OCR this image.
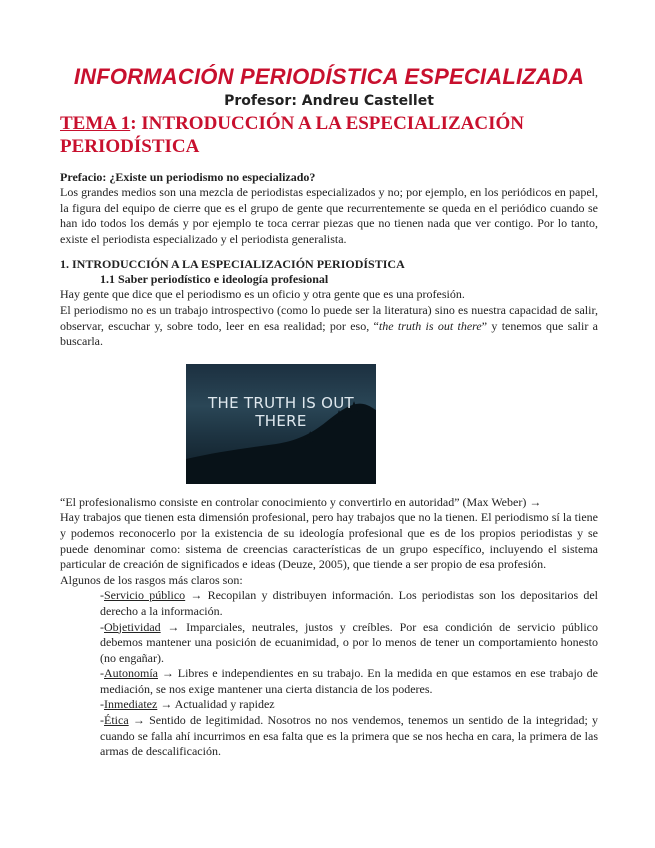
INFORMACIÓN PERIODÍSTICA ESPECIALIZADA
Profesor: Andreu Castellet
TEMA 1: INTRODUCCIÓN A LA ESPECIALIZACIÓN PERIODÍSTICA
Prefacio: ¿Existe un periodismo no especializado?

Los grandes medios son una mezcla de periodistas especializados y no; por ejemplo, en los periódicos en papel, la figura del equipo de cierre que es el grupo de gente que recurrentemente se queda en el periódico cuando se han ido todos los demás y por ejemplo te toca cerrar piezas que no tienen nada que ver contigo. Por lo tanto, existe el periodista especializado y el periodista generalista.

1. INTRODUCCIÓN A LA ESPECIALIZACIÓN PERIODÍSTICA
1.1 Saber periodístico e ideología profesional

Hay gente que dice que el periodismo es un oficio y otra gente que es una profesión.

El periodismo no es un trabajo introspectivo (como lo puede ser la literatura) sino es nuestra capacidad de salir, observar, escuchar y, sobre todo, leer en esa realidad; por eso, “the truth is out there” y tenemos que salir a buscarla.

THE TRUTH IS OUT THERE

“El profesionalismo consiste en controlar conocimiento y convertirlo en autoridad” (Max Weber) →

Hay trabajos que tienen esta dimensión profesional, pero hay trabajos que no la tienen. El periodismo sí la tiene y podemos reconocerlo por la existencia de su ideología profesional que es de los propios periodistas y se puede denominar como: sistema de creencias características de un grupo específico, incluyendo el sistema particular de creación de significados e ideas (Deuze, 2005), que tiende a ser propio de esa profesión.

Algunos de los rasgos más claros son:

-Servicio público → Recopilan y distribuyen información. Los periodistas son los depositarios del derecho a la información.

-Objetividad → Imparciales, neutrales, justos y creíbles. Por esa condición de servicio público debemos mantener una posición de ecuanimidad, o por lo menos de tener un comportamiento honesto (no engañar).

-Autonomía → Libres e independientes en su trabajo. En la medida en que estamos en ese trabajo de mediación, se nos exige mantener una cierta distancia de los poderes.

-Inmediatez → Actualidad y rapidez

-Ética → Sentido de legitimidad. Nosotros no nos vendemos, tenemos un sentido de la integridad; y cuando se falla ahí incurrimos en esa falta que es la primera que se nos hecha en cara, la primera de las armas de descalificación.
